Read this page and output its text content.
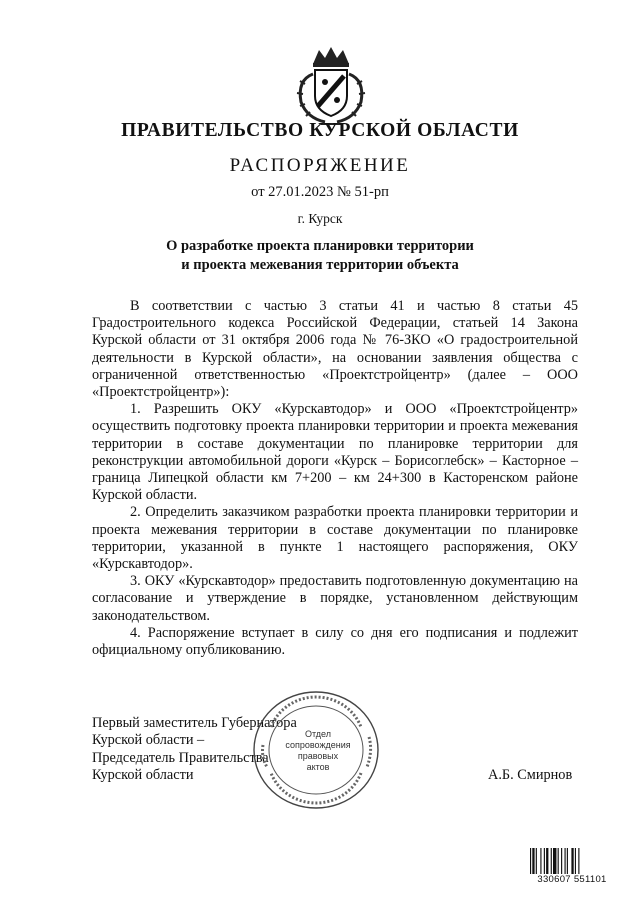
ПРАВИТЕЛЬСТВО КУРСКОЙ ОБЛАСТИ
РАСПОРЯЖЕНИЕ
от 27.01.2023 № 51-рп
г. Курск
О разработке проекта планировки территории
и проекта межевания территории объекта

В соответствии с частью 3 статьи 41 и частью 8 статьи 45 Градостроительного кодекса Российской Федерации, статьей 14 Закона Курской области от 31 октября 2006 года № 76-ЗКО «О градостроительной деятельности в Курской области», на основании заявления общества с ограниченной ответственностью «Проектстройцентр» (далее – ООО «Проектстройцентр»):

1. Разрешить ОКУ «Курскавтодор» и ООО «Проектстройцентр» осуществить подготовку проекта планировки территории и проекта межевания территории в составе документации по планировке территории для реконструкции автомобильной дороги «Курск – Борисоглебск» – Касторное – граница Липецкой области км 7+200 – км 24+300 в Касторенском районе Курской области.

2. Определить заказчиком разработки проекта планировки территории и проекта межевания территории в составе документации по планировке территории, указанной в пункте 1 настоящего распоряжения, ОКУ «Курскавтодор».

3. ОКУ «Курскавтодор» предоставить подготовленную документацию на согласование и утверждение в порядке, установленном действующим законодательством.

4. Распоряжение вступает в силу со дня его подписания и подлежит официальному опубликованию.

Первый заместитель Губернатора
Курской области –
Председатель Правительства
Курской области	А.Б. Смирнов
Отдел
сопровождения
правовых
актов
330607 551101
